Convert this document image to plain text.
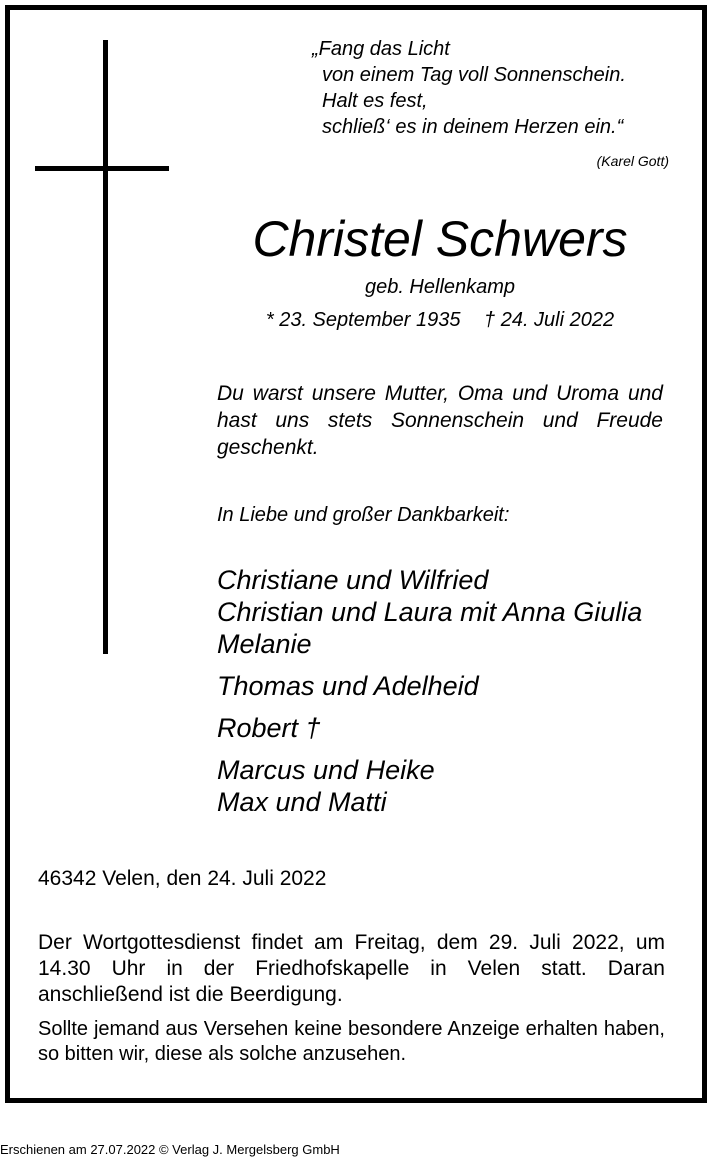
„Fang das Licht
von einem Tag voll Sonnenschein.
Halt es fest,
schließ‘ es in deinem Herzen ein.“
(Karel Gott)
Christel Schwers
geb. Hellenkamp
* 23. September 1935 † 24. Juli 2022
Du warst unsere Mutter, Oma und Uroma und hast uns stets Sonnenschein und Freude geschenkt.
In Liebe und großer Dankbarkeit:
Christiane und Wilfried
Christian und Laura mit Anna Giulia
Melanie
Thomas und Adelheid
Robert †
Marcus und Heike
Max und Matti
46342 Velen, den 24. Juli 2022
Der Wortgottesdienst findet am Freitag, dem 29. Juli 2022, um 14.30 Uhr in der Friedhofskapelle in Velen statt. Daran anschließend ist die Beerdigung.
Sollte jemand aus Versehen keine besondere Anzeige erhalten haben, so bitten wir, diese als solche anzusehen.
Erschienen am 27.07.2022 © Verlag J. Mergelsberg GmbH
